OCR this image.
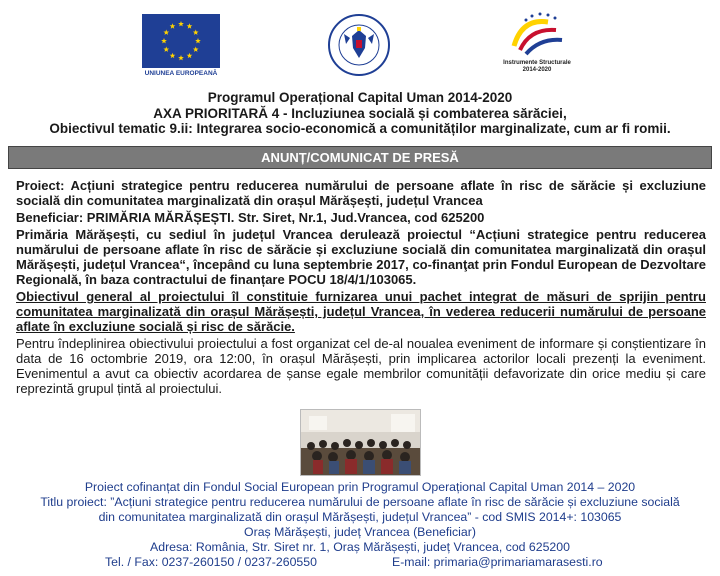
UNIUNEA EUROPEANĂ
Instrumente Structurale
2014-2020
Programul Operațional Capital Uman 2014-2020
AXA PRIORITARĂ 4 - Incluziunea socială și combaterea sărăciei,
Obiectivul tematic 9.ii: Integrarea socio-economică a comunităților marginalizate, cum ar fi romii.
ANUNȚ/COMUNICAT DE PRESĂ

Proiect: Acțiuni strategice pentru reducerea numărului de persoane aflate în risc de sărăcie și excluziune socială din comunitatea marginalizată din orașul Mărășești, județul Vrancea

Beneficiar: PRIMĂRIA MĂRĂȘEȘTI. Str. Siret, Nr.1, Jud.Vrancea, cod 625200

Primăria Mărășești, cu sediul în județul Vrancea derulează proiectul “Acțiuni strategice pentru reducerea numărului de persoane aflate în risc de sărăcie și excluziune socială din comunitatea marginalizată din orașul Mărășești, județul Vrancea“, începând cu luna septembrie 2017, co-finanţat prin Fondul European de Dezvoltare Regională, în baza contractului de finanțare POCU 18/4/1/103065.

Obiectivul general al proiectului îl constituie furnizarea unui pachet integrat de măsuri de sprijin pentru comunitatea marginalizată din orașul Mărășești, județul Vrancea, în vederea reducerii numărului de persoane aflate în excluziune socială și risc de sărăcie.

Pentru îndeplinirea obiectivului proiectului a fost organizat cel de-al noualea eveniment de informare și conștientizare în data de 16 octombrie 2019, ora 12:00, în orașul Mărășești, prin implicarea actorilor locali prezenți la eveniment. Evenimentul a avut ca obiectiv acordarea de șanse egale membrilor comunității defavorizate din orice mediu și care reprezintă grupul țintă al proiectului.

Proiect cofinanțat din Fondul Social European prin Programul Operațional Capital Uman 2014 – 2020
Titlu proiect: ”Acțiuni strategice pentru reducerea numărului de persoane aflate în risc de sărăcie și excluziune socială
din comunitatea marginalizată din orașul Mărășești, județul Vrancea” - cod SMIS 2014+: 103065
Oraș Mărășești, județ Vrancea (Beneficiar)
Adresa: România, Str. Siret nr. 1, Oraș Mărășești, județ Vrancea, cod 625200
Tel. / Fax: 0237-260150 / 0237-260550	E-mail: primaria@primariamarasesti.ro
